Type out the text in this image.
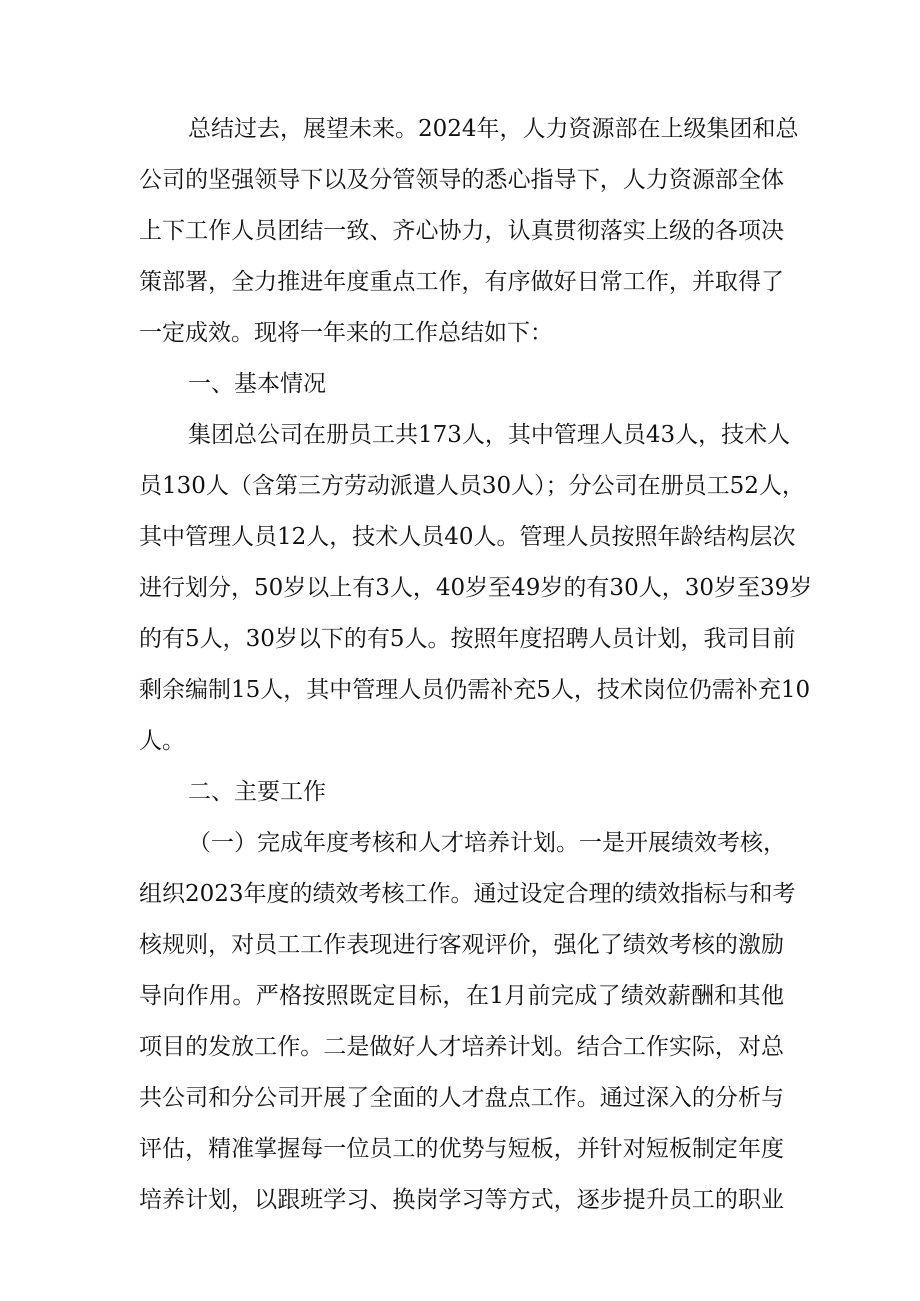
总结过去，展望未来。2024年，人力资源部在上级集团和总

公司的坚强领导下以及分管领导的悉心指导下，人力资源部全体

上下工作人员团结一致、齐心协力，认真贯彻落实上级的各项决

策部署，全力推进年度重点工作，有序做好日常工作，并取得了

一定成效。现将一年来的工作总结如下：

一、基本情况

集团总公司在册员工共173人，其中管理人员43人，技术人

员130人（含第三方劳动派遣人员30人）；分公司在册员工52人，

其中管理人员12人，技术人员40人。管理人员按照年龄结构层次

进行划分，50岁以上有3人，40岁至49岁的有30人，30岁至39岁

的有5人，30岁以下的有5人。按照年度招聘人员计划，我司目前

剩余编制15人，其中管理人员仍需补充5人，技术岗位仍需补充10

人。

二、主要工作

（一）完成年度考核和人才培养计划。一是开展绩效考核，

组织2023年度的绩效考核工作。通过设定合理的绩效指标与和考

核规则，对员工工作表现进行客观评价，强化了绩效考核的激励

导向作用。严格按照既定目标，在1月前完成了绩效薪酬和其他

项目的发放工作。二是做好人才培养计划。结合工作实际，对总

共公司和分公司开展了全面的人才盘点工作。通过深入的分析与

评估，精准掌握每一位员工的优势与短板，并针对短板制定年度

培养计划，以跟班学习、换岗学习等方式，逐步提升员工的职业
